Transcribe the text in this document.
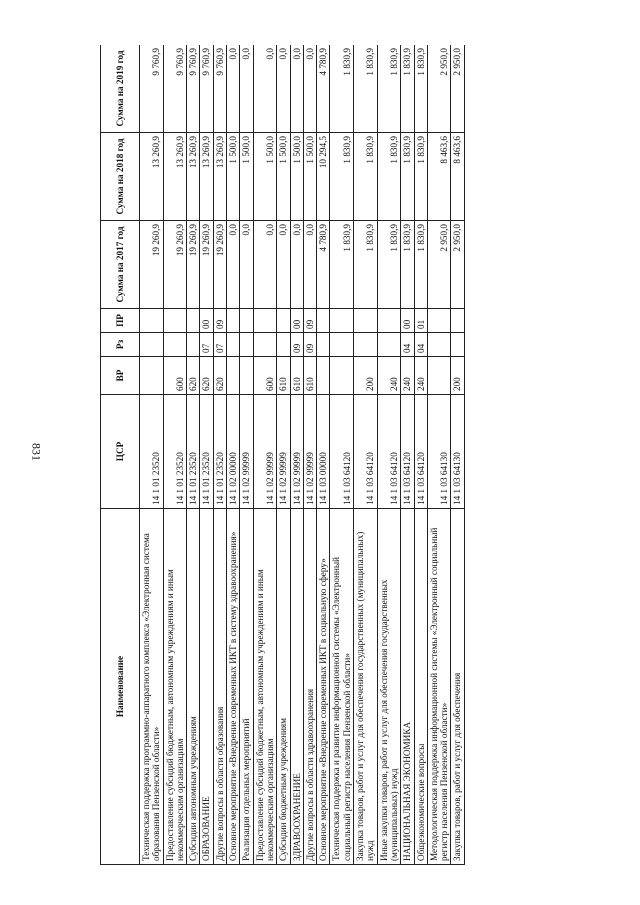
831
Наименование	ЦСР	ВР	Рз	ПР	Сумма на 2017 год	Сумма на 2018 год	Сумма на 2019 год
Техническая поддержка программно-аппаратного комплекса «Электронная система образования Пензенской области»	14 1 01 23520				19 260,9	13 260,9	9 760,9
Предоставление субсидий бюджетным, автономным учреждениям и иным некоммерческим организациям	14 1 01 23520	600			19 260,9	13 260,9	9 760,9
Субсидии автономным учреждениям	14 1 01 23520	620			19 260,9	13 260,9	9 760,9
ОБРАЗОВАНИЕ	14 1 01 23520	620	07	00	19 260,9	13 260,9	9 760,9
Другие вопросы в области образования	14 1 01 23520	620	07	09	19 260,9	13 260,9	9 760,9
Основное мероприятие «Внедрение современных ИКТ в систему здравоохранения»	14 1 02 00000				0,0	1 500,0	0,0
Реализация отдельных мероприятий	14 1 02 99999				0,0	1 500,0	0,0
Предоставление субсидий бюджетным, автономным учреждениям и иным некоммерческим организациям	14 1 02 99999	600			0,0	1 500,0	0,0
Субсидии бюджетным учреждениям	14 1 02 99999	610			0,0	1 500,0	0,0
ЗДРАВООХРАНЕНИЕ	14 1 02 99999	610	09	00	0,0	1 500,0	0,0
Другие вопросы в области здравоохранения	14 1 02 99999	610	09	09	0,0	1 500,0	0,0
Основное мероприятие «Внедрение современных ИКТ в социальную сферу»	14 1 03 00000				4 780,9	10 294,5	4 780,9
Техническая поддержка и развитие информационной системы «Электронный социальный регистр населения Пензенской области»	14 1 03 64120				1 830,9	1 830,9	1 830,9
Закупка товаров, работ и услуг для обеспечения государственных (муниципальных) нужд	14 1 03 64120	200			1 830,9	1 830,9	1 830,9
Иные закупки товаров, работ и услуг для обеспечения государственных (муниципальных) нужд	14 1 03 64120	240			1 830,9	1 830,9	1 830,9
НАЦИОНАЛЬНАЯ ЭКОНОМИКА	14 1 03 64120	240	04	00	1 830,9	1 830,9	1 830,9
Общеэкономические вопросы	14 1 03 64120	240	04	01	1 830,9	1 830,9	1 830,9
Методологическая поддержка информационной системы «Электронный социальный регистр населения Пензенской области»	14 1 03 64130				2 950,0	8 463,6	2 950,0
Закупка товаров, работ и услуг для обеспечения	14 1 03 64130	200			2 950,0	8 463,6	2 950,0
